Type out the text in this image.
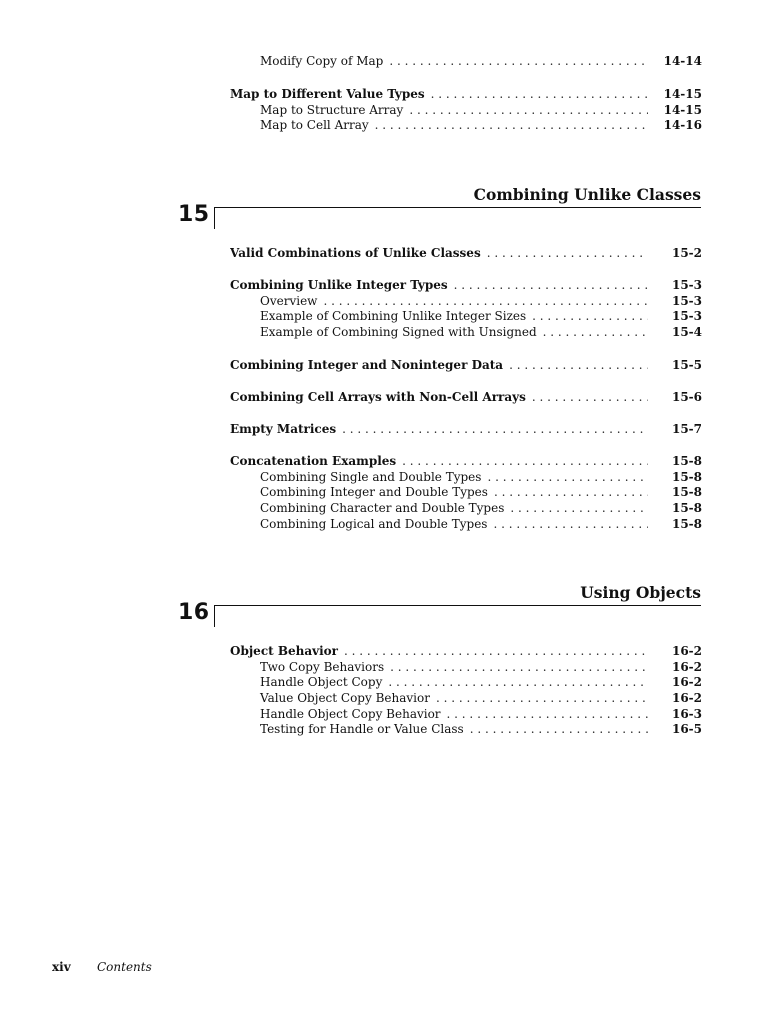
Modify Copy of Map . . .	14-14
Map to Different Value Types . . .	14-15
Map to Structure Array . . .	14-15
Map to Cell Array . . .	14-16
Combining Unlike Classes
15
Valid Combinations of Unlike Classes . . .	15-2
Combining Unlike Integer Types . . .	15-3
Overview . . .	15-3
Example of Combining Unlike Integer Sizes . . .	15-3
Example of Combining Signed with Unsigned . . .	15-4
Combining Integer and Noninteger Data . . .	15-5
Combining Cell Arrays with Non-Cell Arrays . . .	15-6
Empty Matrices . . .	15-7
Concatenation Examples . . .	15-8
Combining Single and Double Types . . .	15-8
Combining Integer and Double Types . . .	15-8
Combining Character and Double Types . . .	15-8
Combining Logical and Double Types . . .	15-8
Using Objects
16
Object Behavior . . .	16-2
Two Copy Behaviors . . .	16-2
Handle Object Copy . . .	16-2
Value Object Copy Behavior . . .	16-2
Handle Object Copy Behavior . . .	16-3
Testing for Handle or Value Class . . .	16-5
xiv Contents
